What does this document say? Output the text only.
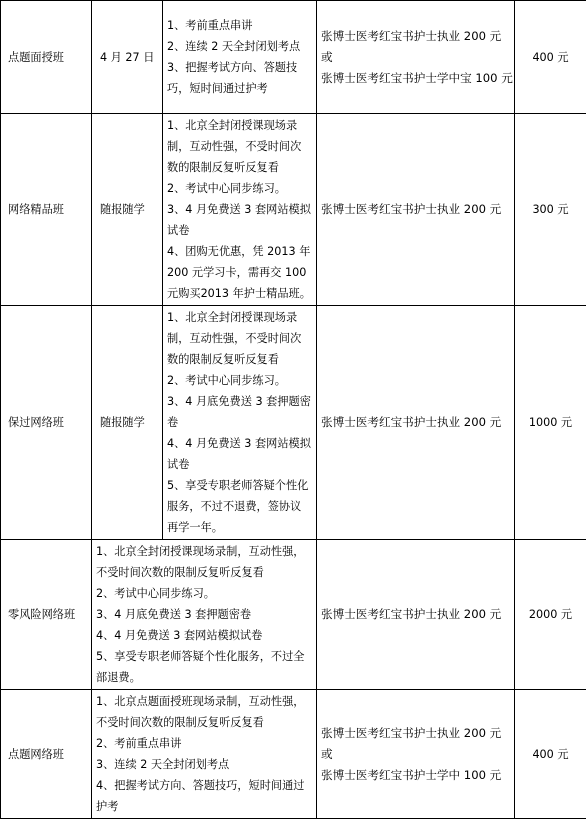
点题面授班	4 月 27 日	1、考前重点串讲
2、连续 2 天全封闭划考点
3、把握考试方向、答题技巧，短时间通过护考	张博士医考红宝书护士执业 200 元
或
张博士医考红宝书护士学中宝 100 元	400 元
网络精品班	随报随学	1、北京全封闭授课现场录制，互动性强，不受时间次数的限制反复听反复看
2、考试中心同步练习。
3、4 月免费送 3 套网站模拟试卷
4、团购无优惠，凭 2013 年 200 元学习卡，需再交 100 元购买2013 年护士精品班。	张博士医考红宝书护士执业 200 元	300 元
保过网络班	随报随学	1、北京全封闭授课现场录制，互动性强，不受时间次数的限制反复听反复看
2、考试中心同步练习。
3、4 月底免费送 3 套押题密卷
4、4 月免费送 3 套网站模拟试卷
5、享受专职老师答疑个性化服务，不过不退费，签协议再学一年。	张博士医考红宝书护士执业 200 元	1000 元
零风险网络班	1、北京全封闭授课现场录制，互动性强，不受时间次数的限制反复听反复看
2、考试中心同步练习。
3、4 月底免费送 3 套押题密卷
4、4 月免费送 3 套网站模拟试卷
5、享受专职老师答疑个性化服务，不过全部退费。		张博士医考红宝书护士执业 200 元	2000 元
点题网络班	1、北京点题面授班现场录制，互动性强，不受时间次数的限制反复听反复看
2、考前重点串讲
3、连续 2 天全封闭划考点
4、把握考试方向、答题技巧，短时间通过护考		张博士医考红宝书护士执业 200 元
或
张博士医考红宝书护士学中 100 元	400 元
